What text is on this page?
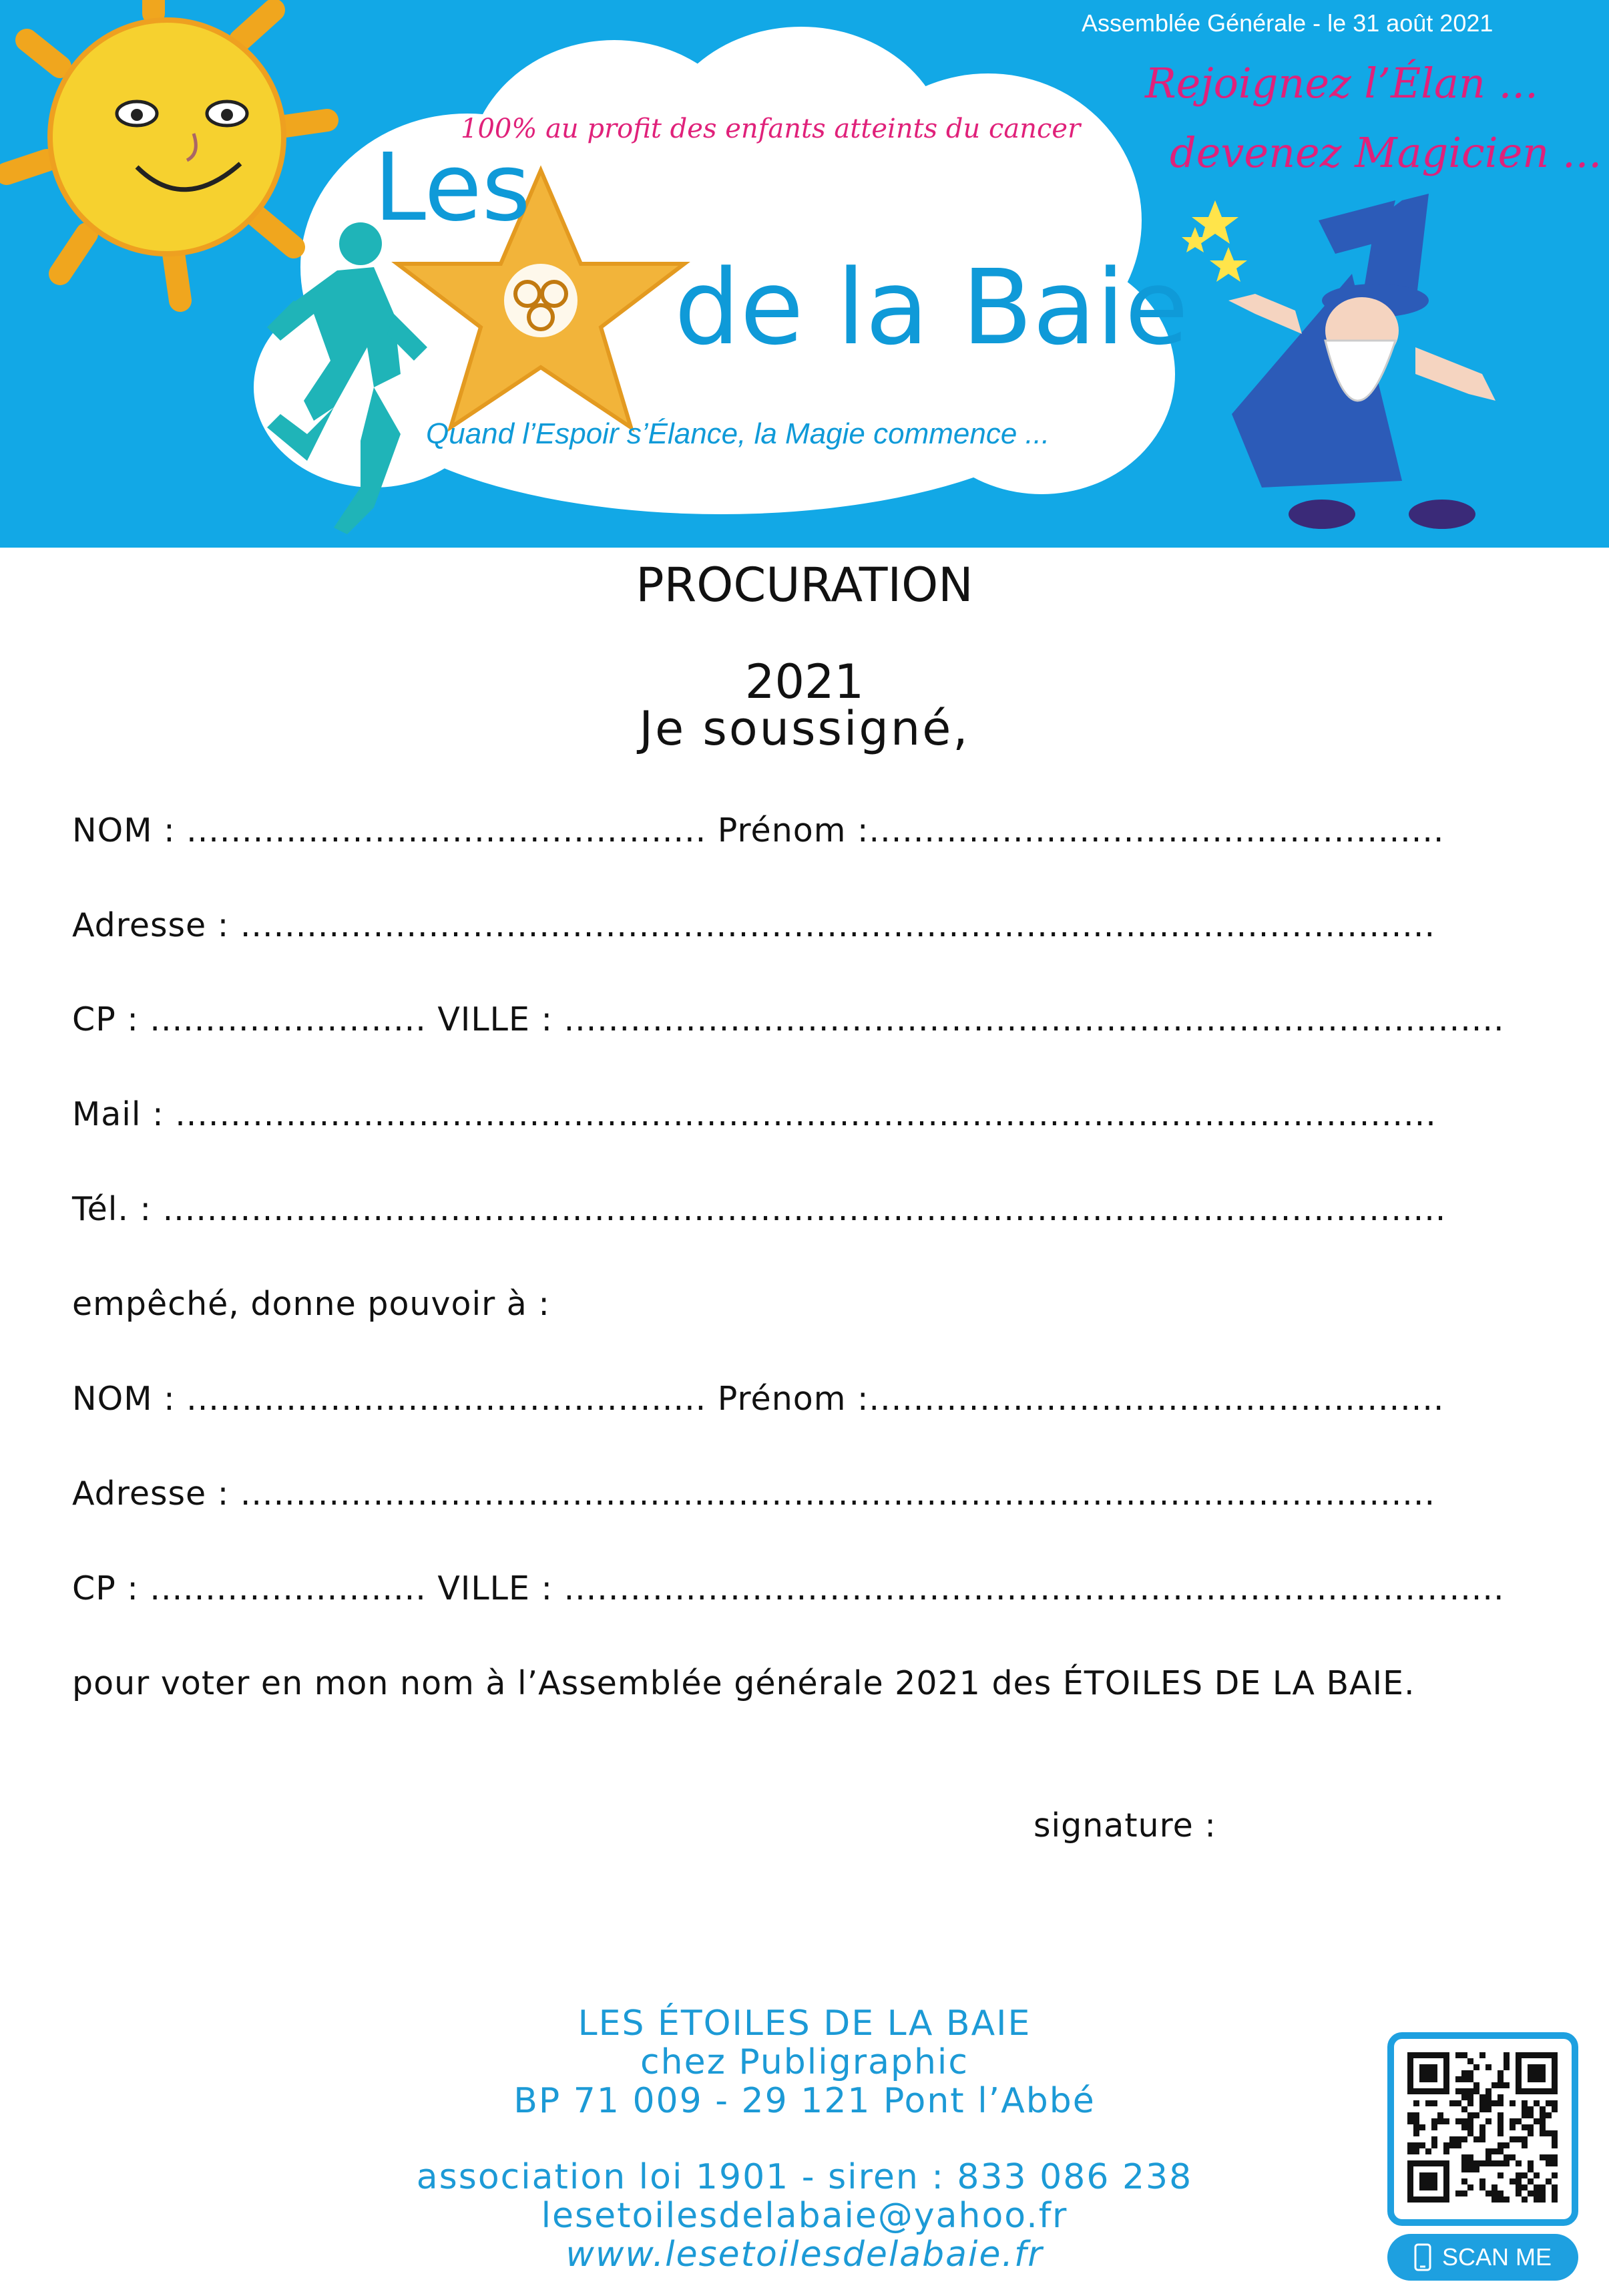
Assemblée Générale - le 31 août 2021
Rejoignez l’Élan ...
devenez Magicien ...
100% au profit des enfants atteints du cancer
Les
de la Baie
Quand l’Espoir s’Élance, la Magie commence ...
PROCURATION
2021
Je soussigné,
NOM : ............................................... Prénom :....................................................
Adresse : ............................................................................................................
CP : ......................... VILLE : .....................................................................................
Mail : ..................................................................................................................
Tél. : ....................................................................................................................
empêché, donne pouvoir à :
NOM : ............................................... Prénom :....................................................
Adresse : ............................................................................................................
CP : ......................... VILLE : .....................................................................................
pour voter en mon nom à l’Assemblée générale 2021 des ÉTOILES DE LA BAIE.
signature :
LES ÉTOILES DE LA BAIE
chez Publigraphic
BP 71 009 - 29 121 Pont l’Abbé
association loi 1901 - siren : 833 086 238
lesetoilesdelabaie@yahoo.fr
www.lesetoilesdelabaie.fr	SCAN ME
